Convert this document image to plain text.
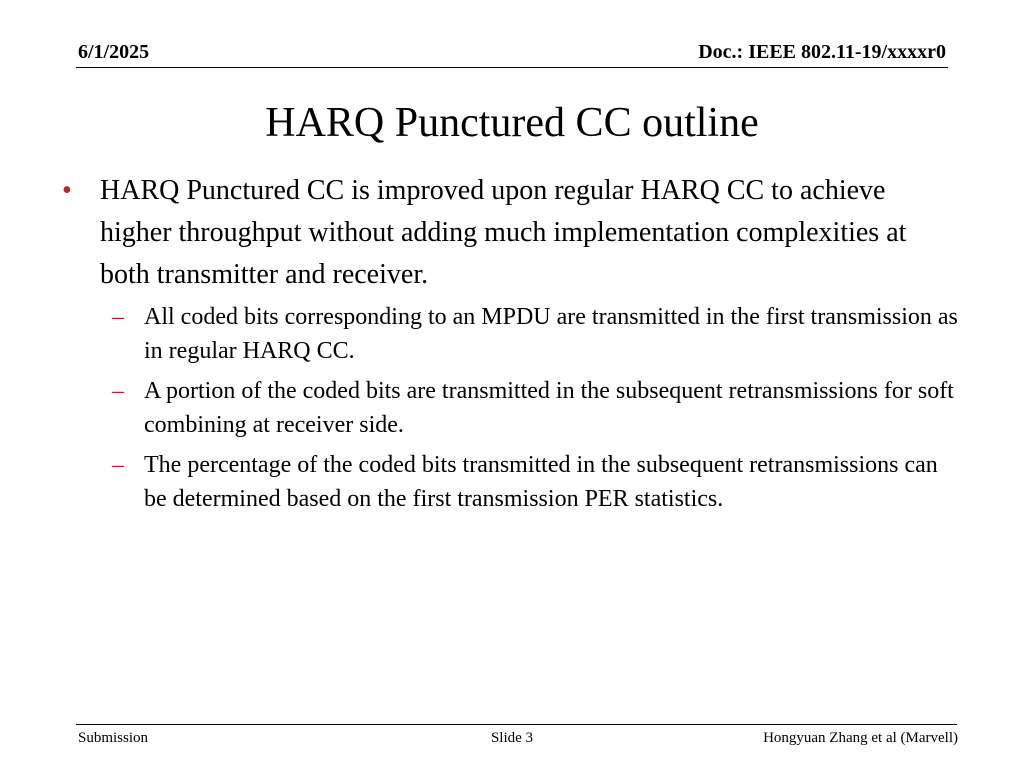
6/1/2025	Doc.: IEEE 802.11-19/xxxxr0
HARQ Punctured CC outline
•	HARQ Punctured CC is improved upon regular HARQ CC to achieve higher throughput without adding much implementation complexities at both transmitter and receiver.
– All coded bits corresponding to an MPDU are transmitted in the first transmission as in regular HARQ CC.
– A portion of the coded bits are transmitted in the subsequent retransmissions for soft combining at receiver side.
– The percentage of the coded bits transmitted in the subsequent retransmissions can be determined based on the first transmission PER statistics.
Submission	Slide 3	Hongyuan Zhang et al (Marvell)
